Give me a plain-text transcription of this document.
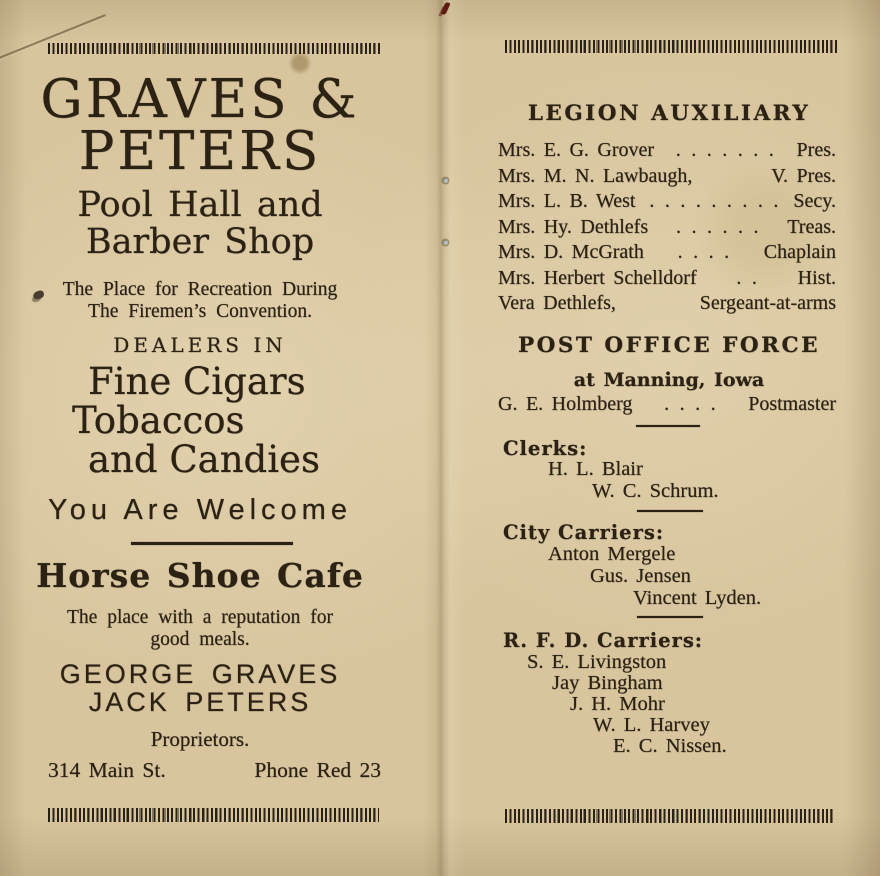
GRAVES &
PETERS
Pool Hall and
Barber Shop
The Place for Recreation During
The Firemen’s Convention.
DEALERS IN
Fine Cigars
Tobaccos
and Candies
You Are Welcome
Horse Shoe Cafe
The place with a reputation for
good meals.
GEORGE GRAVES
JACK PETERS
Proprietors.
314 Main St.	Phone Red 23
LEGION AUXILIARY
Mrs. E. G. Grover . . . . . . . Pres.
Mrs. M. N. Lawbaugh,	V. Pres.
Mrs. L. B. West . . . . . . . . . Secy.
Mrs. Hy. Dethlefs . . . . . . Treas.
Mrs. D. McGrath . . . . Chaplain
Mrs. Herbert Schelldorf . . Hist.
Vera Dethlefs,	Sergeant-at-arms
POST OFFICE FORCE
at Manning, Iowa
G. E. Holmberg . . . . Postmaster
Clerks:
H. L. Blair
W. C. Schrum.
City Carriers:
Anton Mergele
Gus. Jensen
Vincent Lyden.
R. F. D. Carriers:
S. E. Livingston
Jay Bingham
J. H. Mohr
W. L. Harvey
E. C. Nissen.
